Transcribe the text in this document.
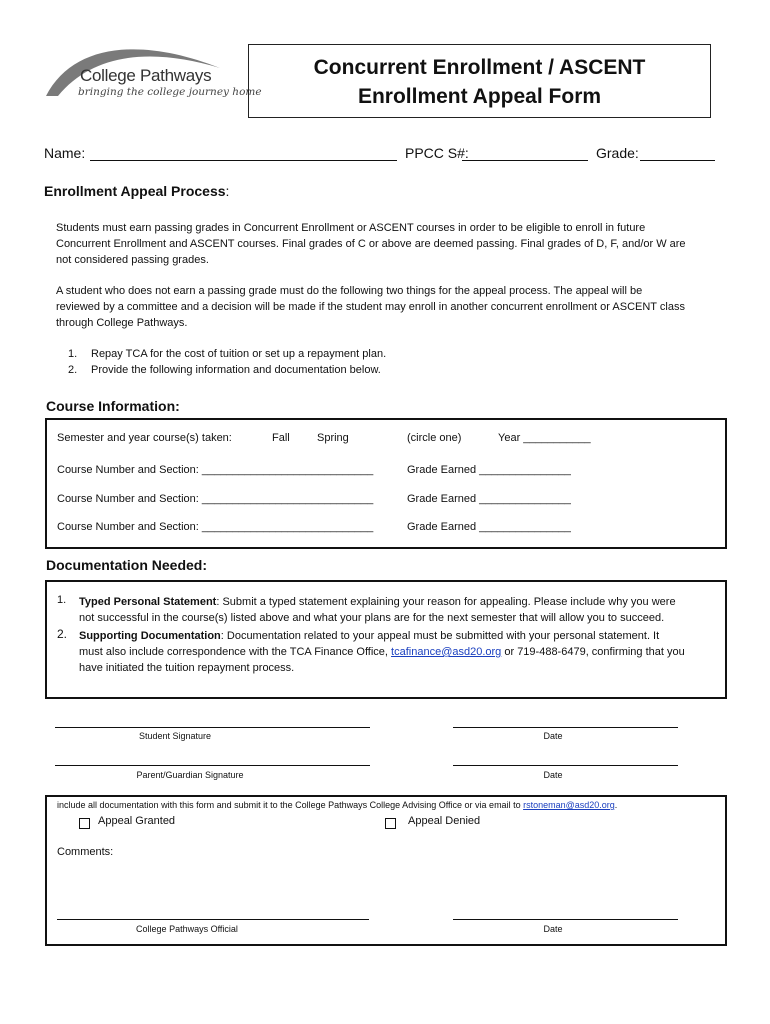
College Pathways
bringing the college journey home
Concurrent Enrollment / ASCENT
Enrollment Appeal Form
Name:	PPCC S#:	Grade:
Enrollment Appeal Process:
Students must earn passing grades in Concurrent Enrollment or ASCENT courses in order to be eligible to enroll in future
Concurrent Enrollment and ASCENT courses. Final grades of C or above are deemed passing. Final grades of D, F, and/or W are
not considered passing grades.
A student who does not earn a passing grade must do the following two things for the appeal process. The appeal will be
reviewed by a committee and a decision will be made if the student may enroll in another concurrent enrollment or ASCENT class
through College Pathways.
1. Repay TCA for the cost of tuition or set up a repayment plan.
2. Provide the following information and documentation below.
Course Information:
Semester and year course(s) taken:	Fall Spring	(circle one)	Year ___________
Course Number and Section: ____________________________	Grade Earned _______________
Course Number and Section: ____________________________	Grade Earned _______________
Course Number and Section: ____________________________	Grade Earned _______________
Documentation Needed:
1. Typed Personal Statement: Submit a typed statement explaining your reason for appealing. Please include why you were
not successful in the course(s) listed above and what your plans are for the next semester that will allow you to succeed.
2. Supporting Documentation: Documentation related to your appeal must be submitted with your personal statement. It
must also include correspondence with the TCA Finance Office, tcafinance@asd20.org or 719-488-6479, confirming that you
have initiated the tuition repayment process.
Student Signature	Date
Parent/Guardian Signature	Date
include all documentation with this form and submit it to the College Pathways College Advising Office or via email to rstoneman@asd20.org.
Appeal Granted	Appeal Denied
Comments:
College Pathways Official	Date
